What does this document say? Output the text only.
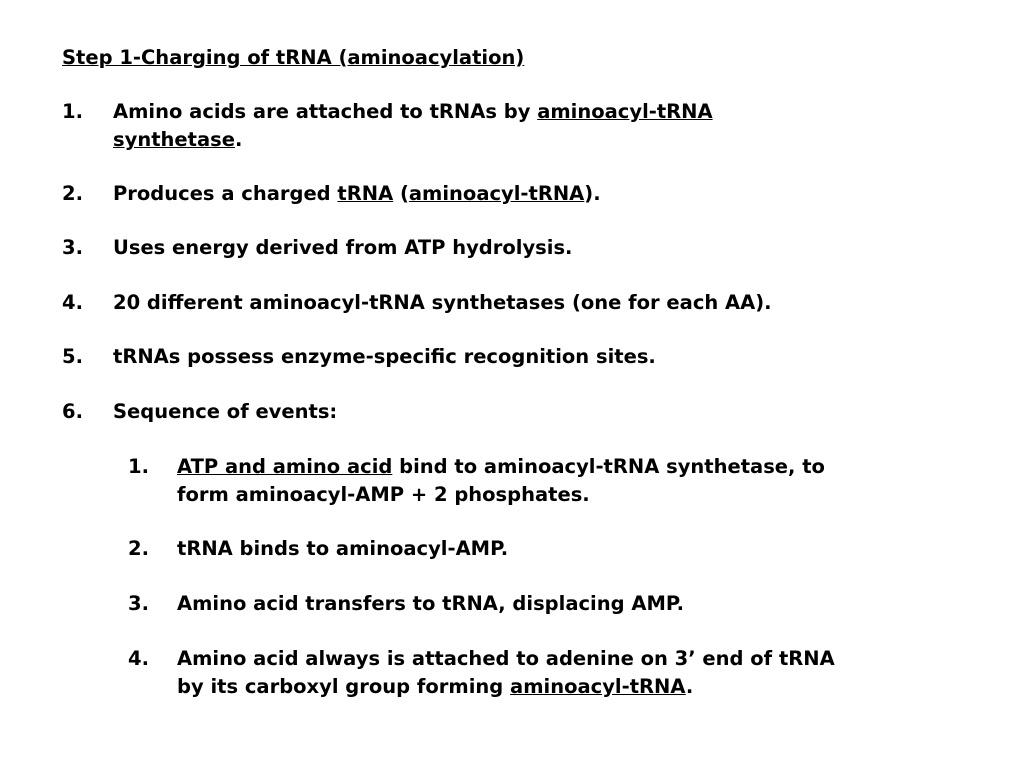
Step 1-Charging of tRNA (aminoacylation)
1. Amino acids are attached to tRNAs by aminoacyl-tRNA
synthetase.
2. Produces a charged tRNA (aminoacyl-tRNA).
3. Uses energy derived from ATP hydrolysis.
4. 20 different aminoacyl-tRNA synthetases (one for each AA).
5. tRNAs possess enzyme-specific recognition sites.
6. Sequence of events:
1. ATP and amino acid bind to aminoacyl-tRNA synthetase, to
form aminoacyl-AMP + 2 phosphates.
2. tRNA binds to aminoacyl-AMP.
3. Amino acid transfers to tRNA, displacing AMP.
4. Amino acid always is attached to adenine on 3’ end of tRNA
by its carboxyl group forming aminoacyl-tRNA.
